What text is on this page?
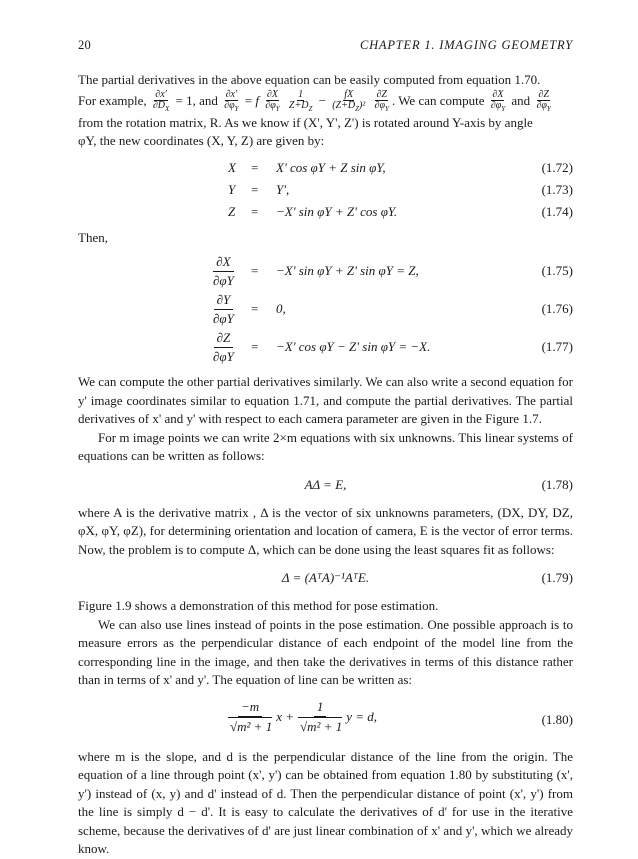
20	CHAPTER 1. IMAGING GEOMETRY

The partial derivatives in the above equation can be easily computed from equation 1.70.
For example, $\frac{\partial x'}{\partial D_X} = 1$, and $\frac{\partial x'}{\partial\varphi_Y} = f \frac{\partial X}{\partial\varphi_Y}$
$\frac{1}{Z+D_Z} - \frac{fX}{(Z+D_Z)^2}$
$\frac{\partial Z}{\partial\varphi_Y}$ . We can compute $\frac{\partial X}{\partial\varphi_Y}$ and $\frac{\partial Z}{\partial\varphi_Y}$

from the rotation matrix, R. As we know if (X', Y', Z') is rotated around Y-axis by angle
φY, the new coordinates (X, Y, Z) are given by:

X = X' cos φY + Z sin φY,	(1.72)
Y = Y',	(1.73)
Z = −X' sin φY + Z' cos φY.	(1.74)

Then,

$\frac{\partial X}{\partial\varphi Y} = -X'$ sin φY + Z' sin φY = Z,	(1.75)
$\frac{\partial Y}{\partial\varphi Y} = 0$,	(1.76)
$\frac{\partial Z}{\partial\varphi Y} = -X'$ cos φY − Z' sin φY = −X.	(1.77)

We can compute the other partial derivatives similarly. We can also write a second equation for y' image coordinates similar to equation 1.71, and compute the partial derivatives. The partial derivatives of x' and y' with respect to each camera parameter are given in the Figure 1.7.

For m image points we can write 2×m equations with six unknowns. This linear systems of equations can be written as follows:

AΔ = E,	(1.78)

where A is the derivative matrix , Δ is the vector of six unknowns parameters, (DX, DY, DZ, φX, φY, φZ), for determining orientation and location of camera, E is the vector of error terms. Now, the problem is to compute Δ, which can be done using the least squares fit as follows:

Δ = (AᵀA)⁻¹AᵀE.	(1.79)

Figure 1.9 shows a demonstration of this method for pose estimation.

We can also use lines instead of points in the pose estimation. One possible approach is to measure errors as the perpendicular distance of each endpoint of the model line from the corresponding line in the image, and then take the derivatives in terms of this distance rather than in terms of x' and y'. The equation of line can be written as:

$\frac{-m}{\text{√m² + 1}}$ $x + \frac{1}{\text{√m² + 1}}$ y = d,	(1.80)

where m is the slope, and d is the perpendicular distance of the line from the origin. The equation of a line through point (x', y') can be obtained from equation 1.80 by substituting (x', y') instead of (x, y) and d' instead of d. Then the perpendicular distance of point (x', y') from the line is simply d − d'. It is easy to calculate the derivatives of d' for use in the iterative scheme, because the derivatives of d' are just linear combination of x' and y', which we already know.
